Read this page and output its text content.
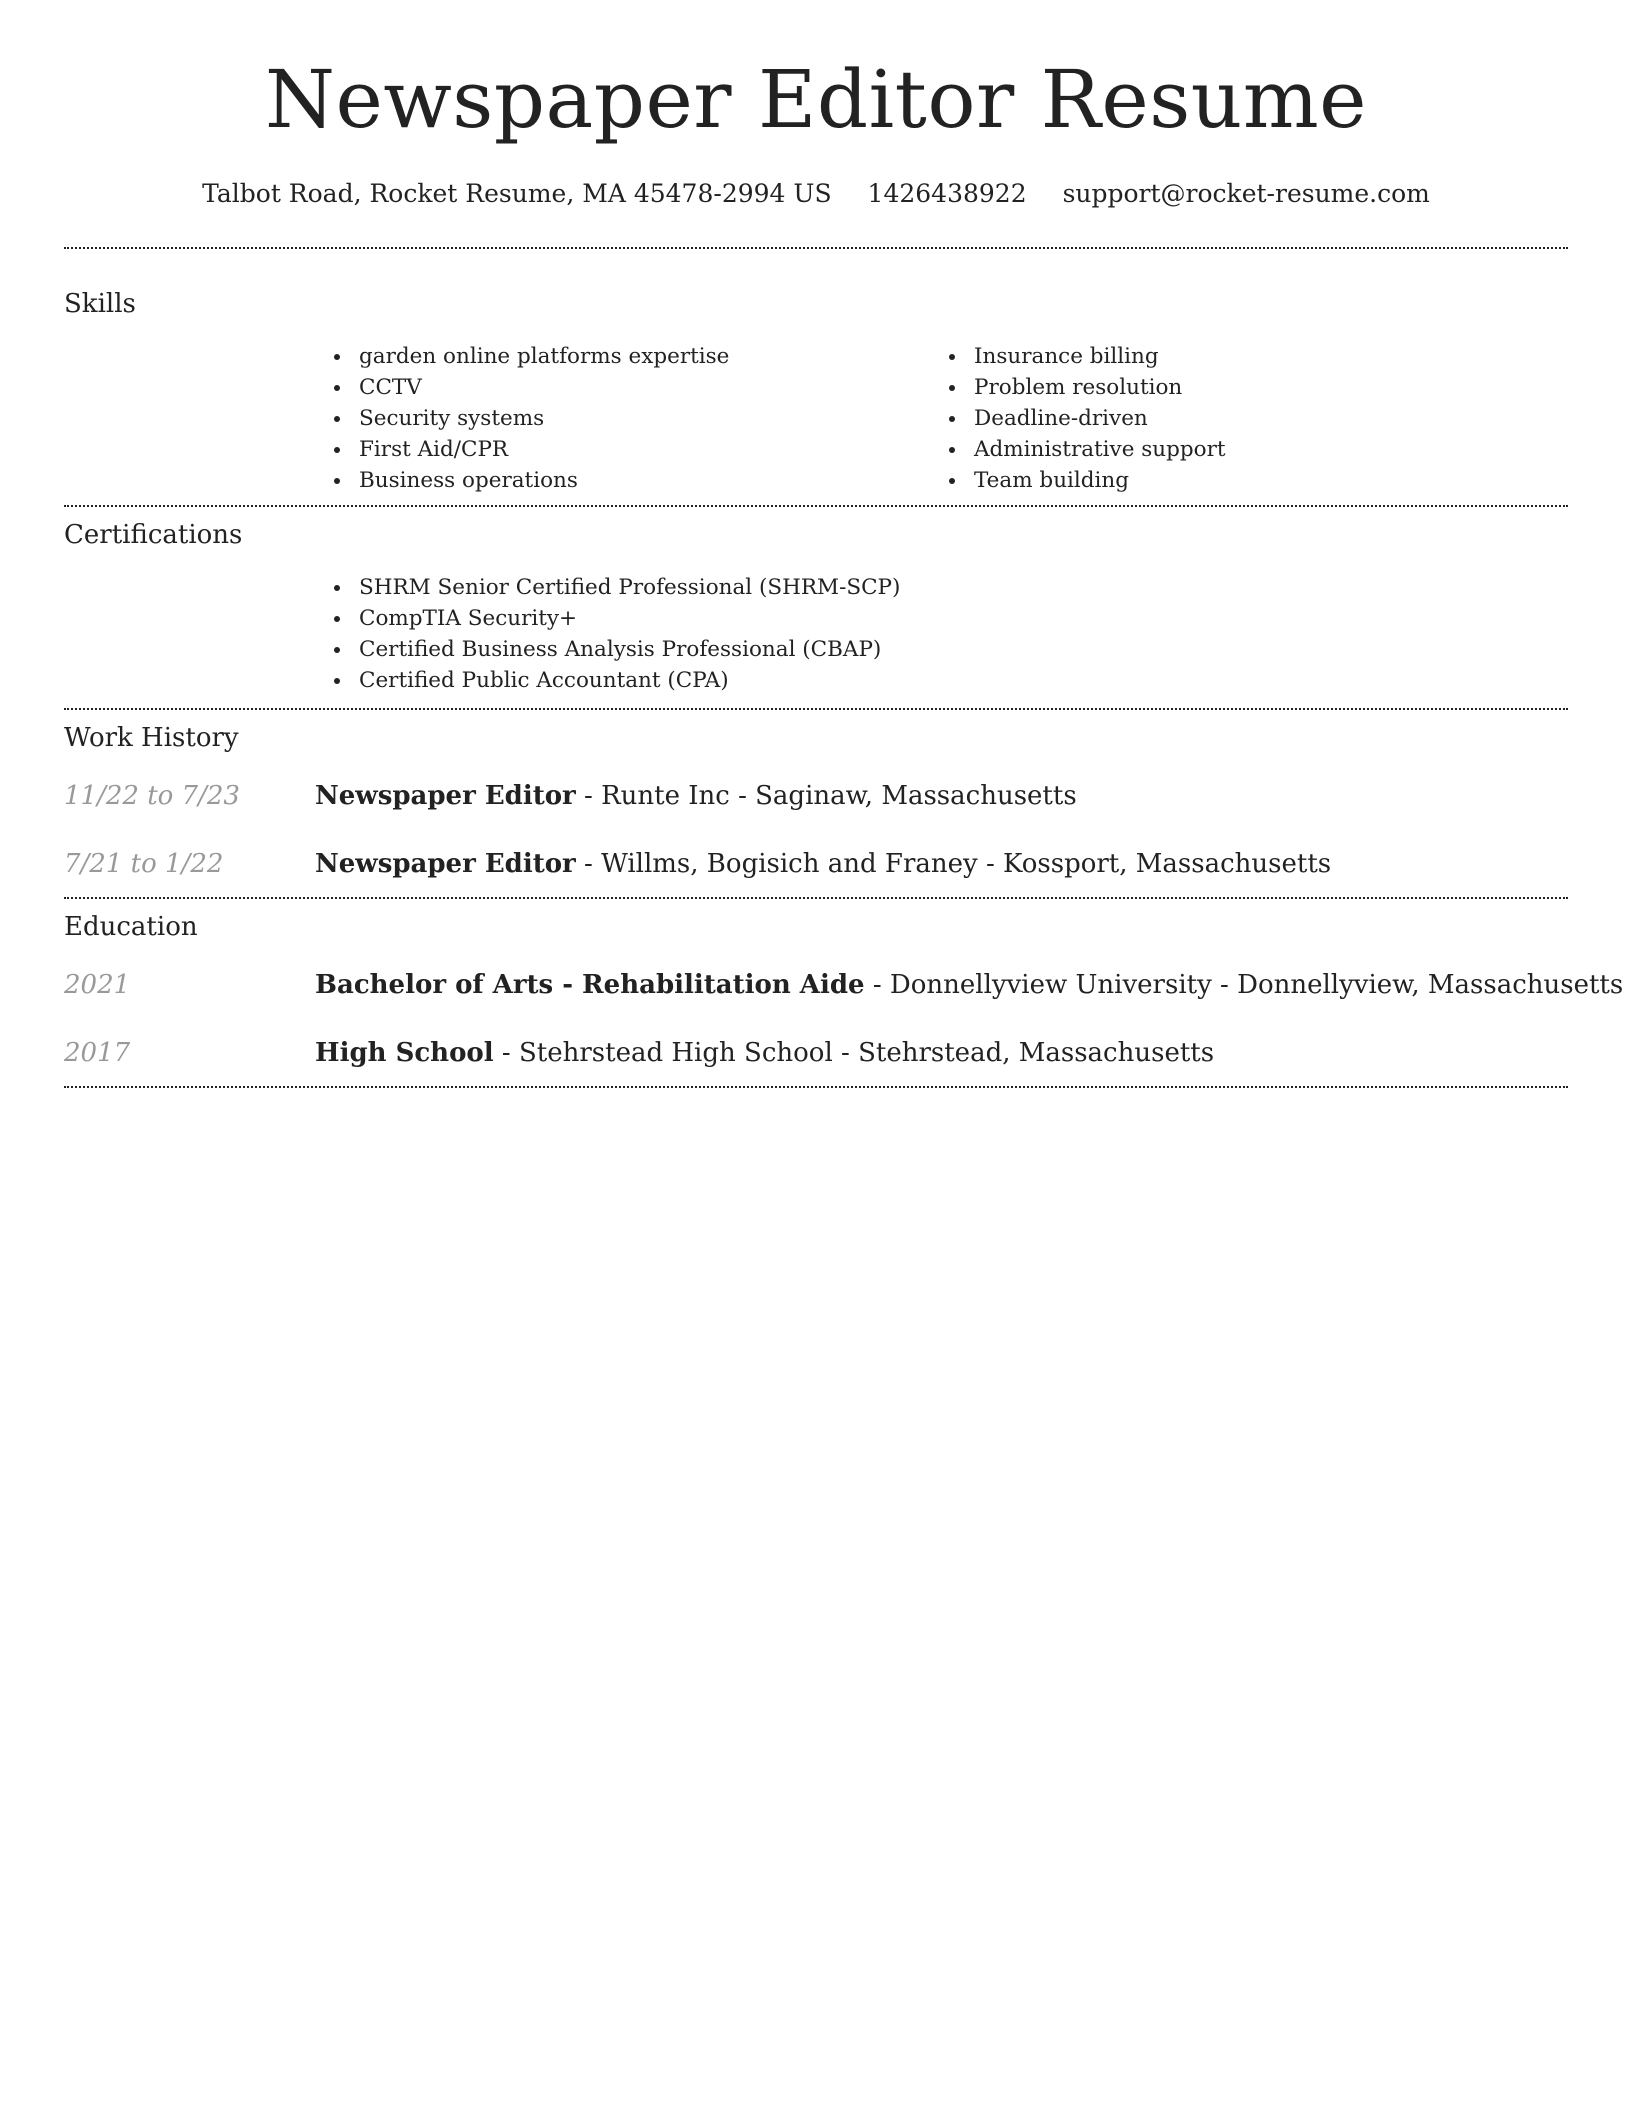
Newspaper Editor Resume
Talbot Road, Rocket Resume, MA 45478-2994 US 1426438922 support@rocket-resume.com
Skills
garden online platforms expertise
CCTV
Security systems
First Aid/CPR
Business operations
Insurance billing
Problem resolution
Deadline-driven
Administrative support
Team building
Certifications
SHRM Senior Certified Professional (SHRM-SCP)
CompTIA Security+
Certified Business Analysis Professional (CBAP)
Certified Public Accountant (CPA)
Work History
11/22 to 7/23	Newspaper Editor - Runte Inc - Saginaw, Massachusetts
7/21 to 1/22	Newspaper Editor - Willms, Bogisich and Franey - Kossport, Massachusetts
Education
2021	Bachelor of Arts - Rehabilitation Aide - Donnellyview University - Donnellyview, Massachusetts
2017	High School - Stehrstead High School - Stehrstead, Massachusetts
